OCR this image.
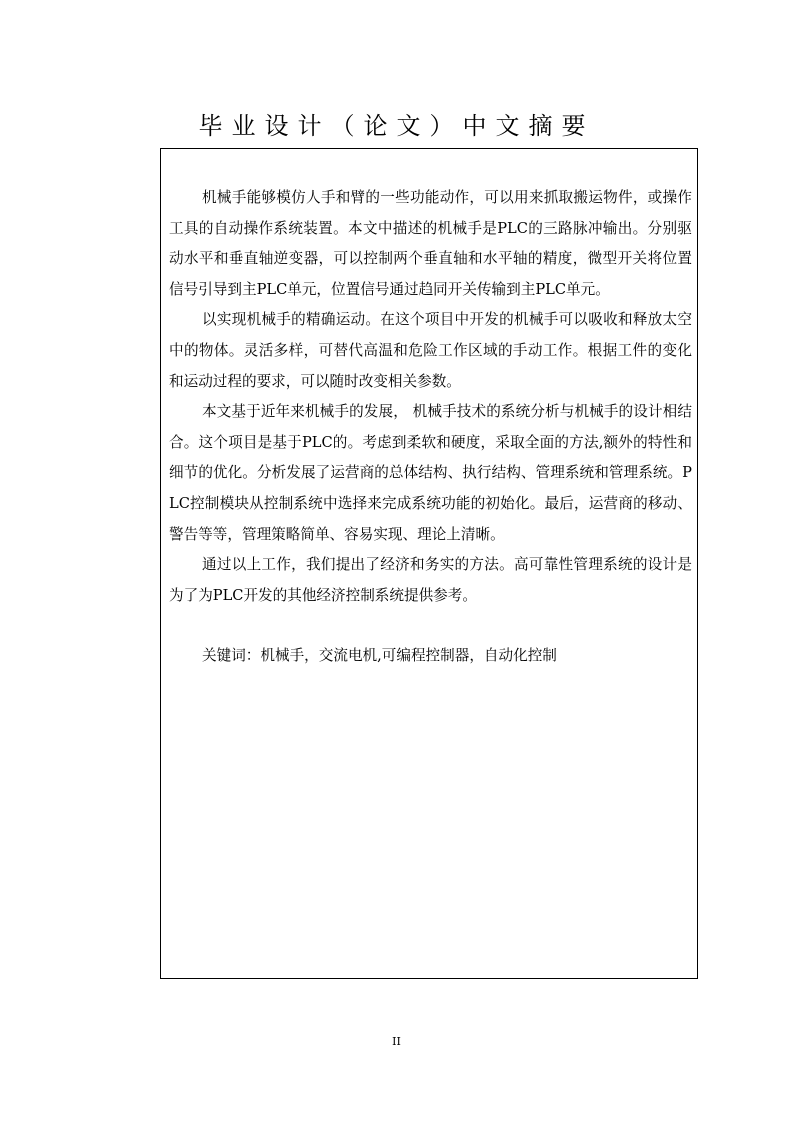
毕业设计（论文）中文摘要

机械手能够模仿人手和臂的一些功能动作，可以用来抓取搬运物件，或操作工具的自动操作系统装置。本文中描述的机械手是PLC的三路脉冲输出。分别驱动水平和垂直轴逆变器，可以控制两个垂直轴和水平轴的精度，微型开关将位置信号引导到主PLC单元，位置信号通过趋同开关传输到主PLC单元。

以实现机械手的精确运动。在这个项目中开发的机械手可以吸收和释放太空中的物体。灵活多样，可替代高温和危险工作区域的手动工作。根据工件的变化和运动过程的要求，可以随时改变相关参数。

本文基于近年来机械手的发展， 机械手技术的系统分析与机械手的设计相结合。这个项目是基于PLC的。考虑到柔软和硬度，采取全面的方法,额外的特性和细节的优化。分析发展了运营商的总体结构、执行结构、管理系统和管理系统。PLC控制模块从控制系统中选择来完成系统功能的初始化。最后，运营商的移动、警告等等，管理策略简单、容易实现、理论上清晰。

通过以上工作，我们提出了经济和务实的方法。高可靠性管理系统的设计是为了为PLC开发的其他经济控制系统提供参考。

关键词：机械手，交流电机,可编程控制器，自动化控制

II
